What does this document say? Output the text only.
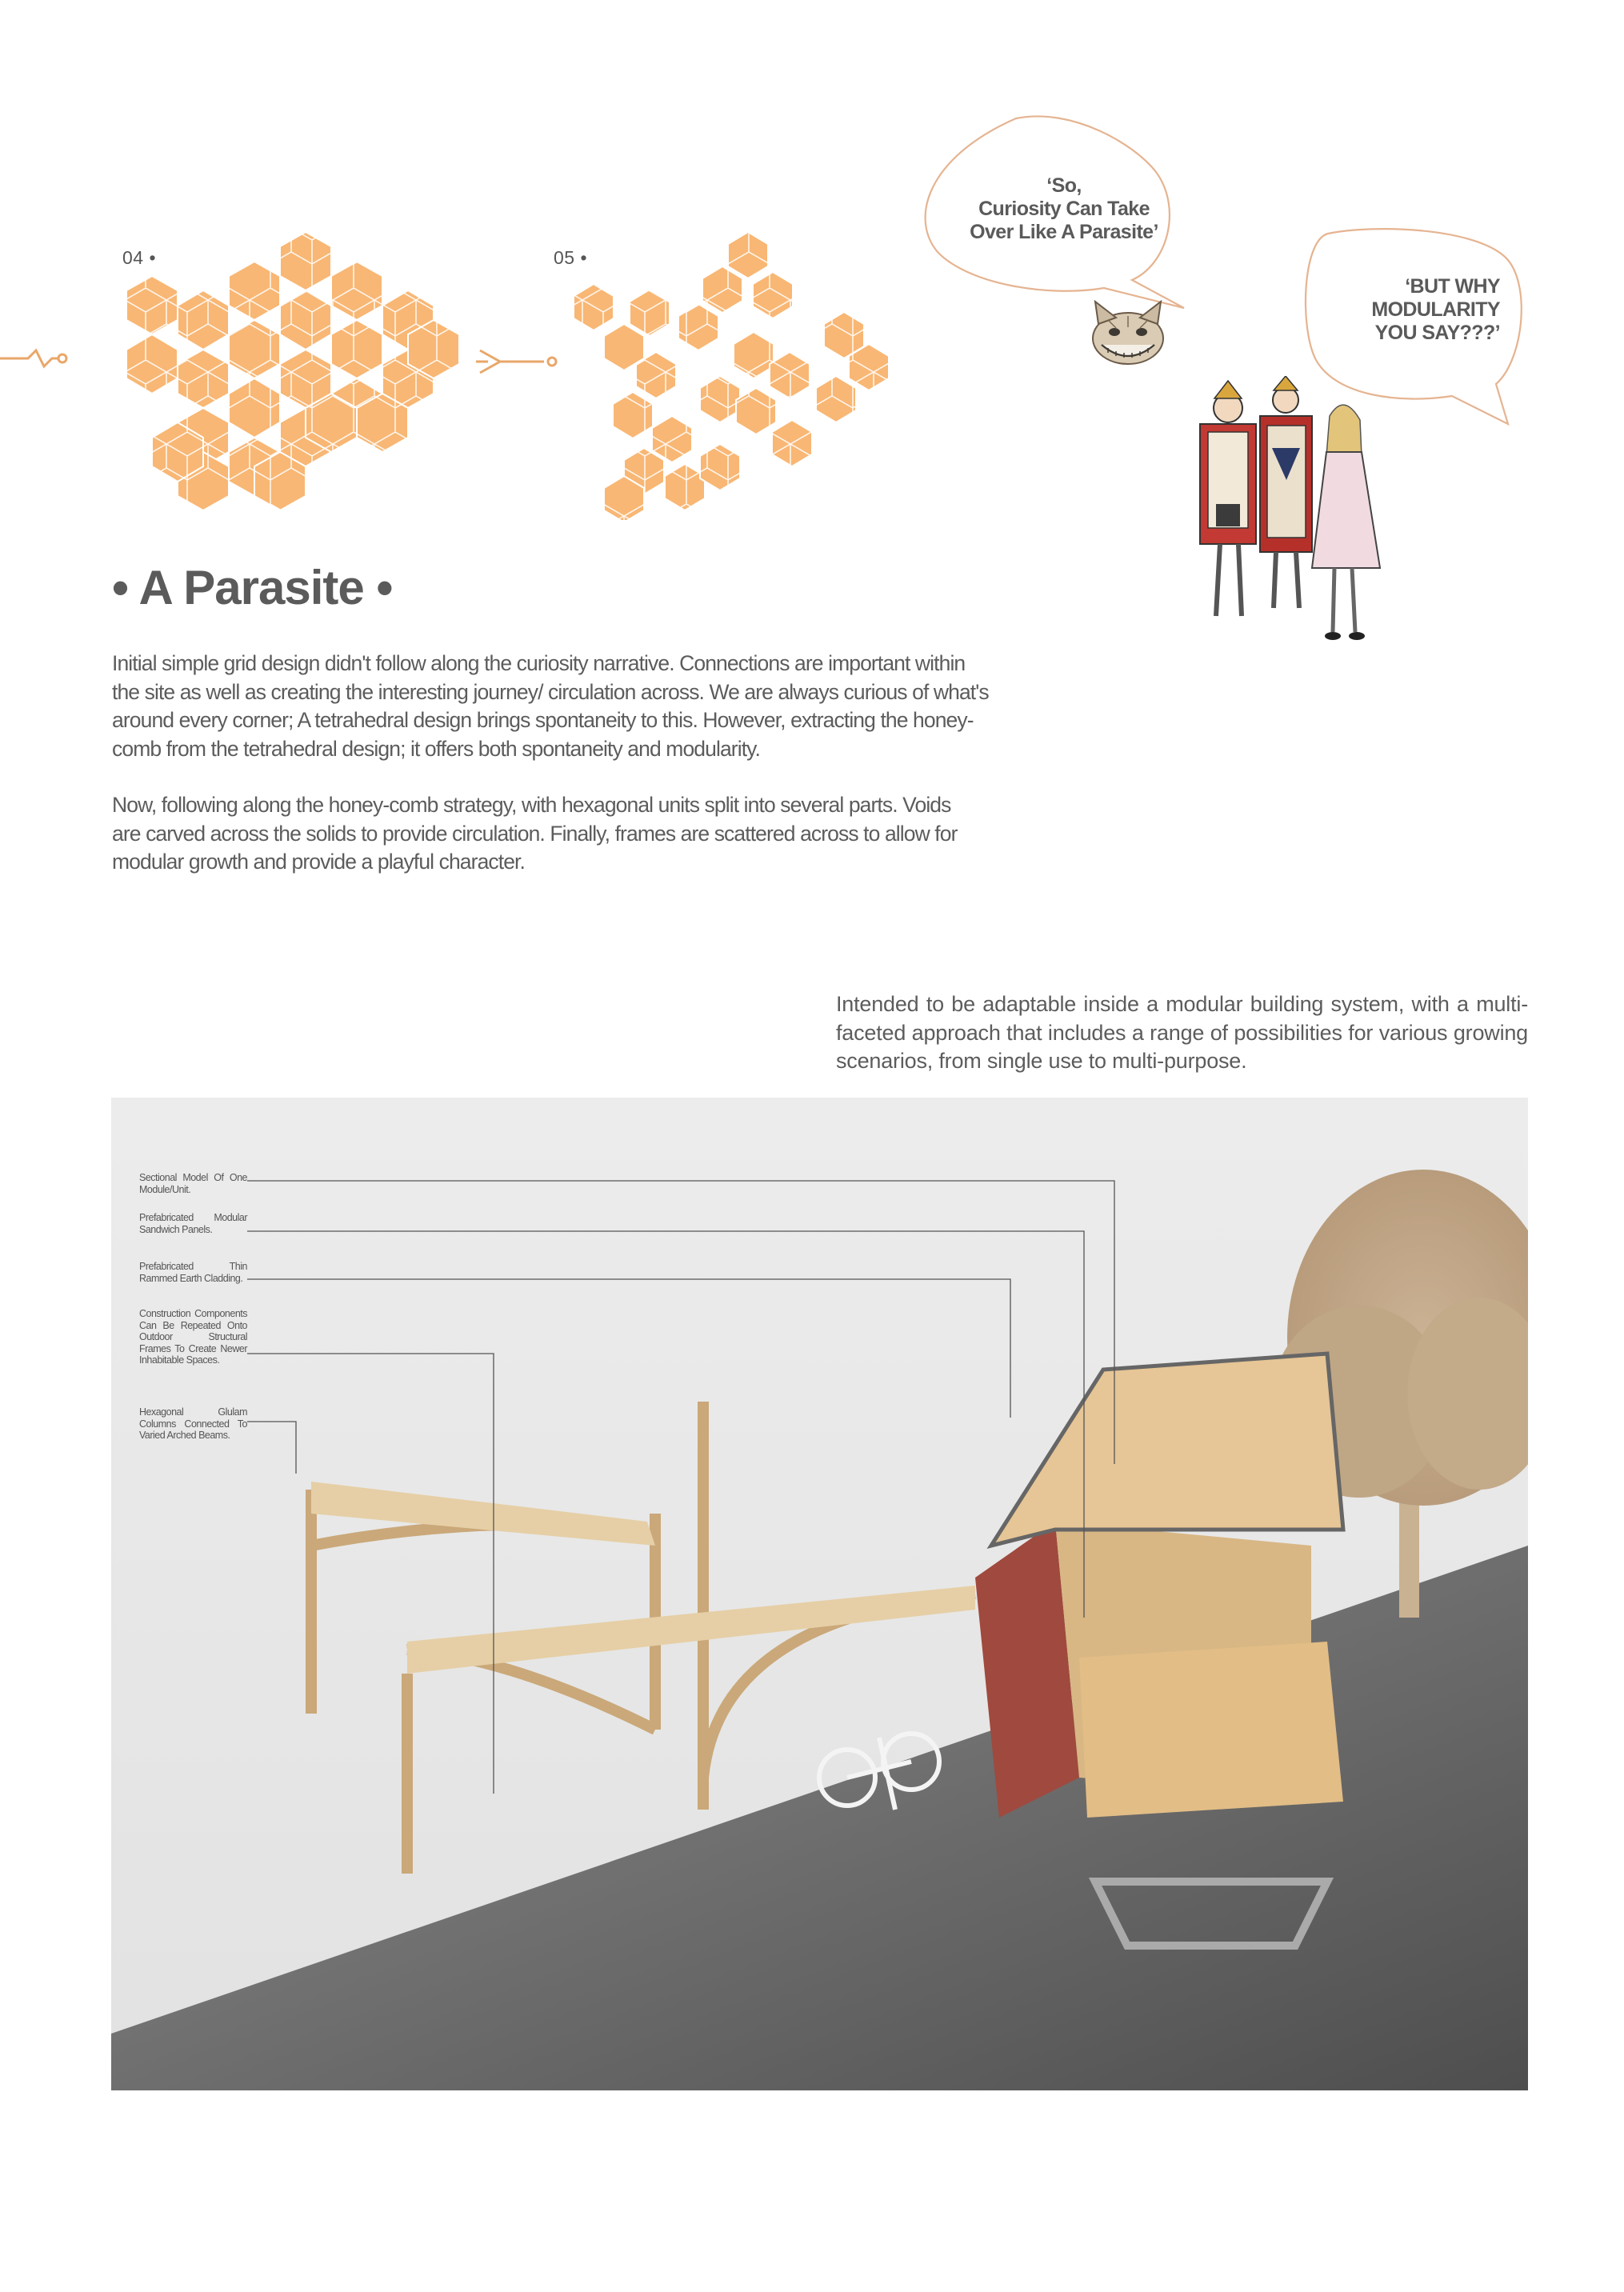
04 •	05 •
‘So,
Curiosity Can Take
Over Like A Parasite’
‘BUT WHY
MODULARITY
YOU SAY???’
• A Parasite •

Initial simple grid design didn't follow along the curiosity narrative. Connections are important within
the site as well as creating the interesting journey/ circulation across. We are always curious of what's
around every corner; A tetrahedral design brings spontaneity to this. However, extracting the honey-
comb from the tetrahedral design; it offers both spontaneity and modularity.

Now, following along the honey-comb strategy, with hexagonal units split into several parts. Voids
are carved across the solids to provide circulation. Finally, frames are scattered across to allow for
modular growth and provide a playful character.

Intended to be adaptable inside a modular building system, with a multi-faceted approach that includes a range of possibilities for various growing scenarios, from single use to multi-purpose.
Sectional Model Of One Module/Unit.
Prefabricated Modular Sandwich Panels.
Prefabricated Thin Rammed Earth Cladding.
Construction Components Can Be Repeated Onto Outdoor Structural Frames To Create Newer Inhabitable Spaces.
Hexagonal Glulam Columns Connected To Varied Arched Beams.
